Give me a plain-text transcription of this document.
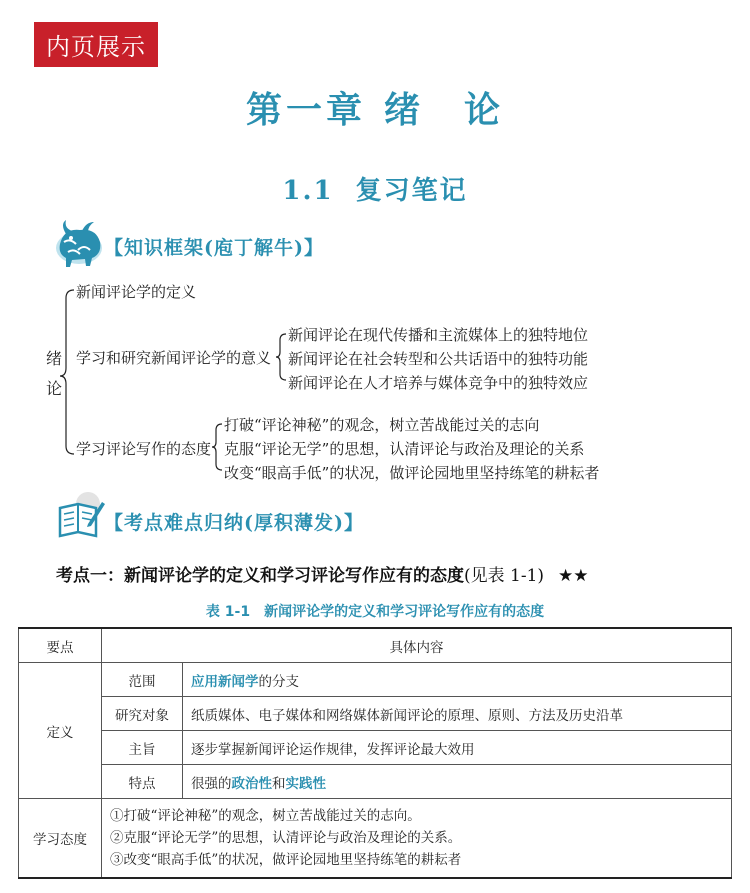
内页展示
第一章 绪　论
1.1 复习笔记
【知识框架(庖丁解牛)】
绪
论
新闻评论学的定义
学习和研究新闻评论学的意义
新闻评论在现代传播和主流媒体上的独特地位
新闻评论在社会转型和公共话语中的独特功能
新闻评论在人才培养与媒体竞争中的独特效应
学习评论写作的态度
打破“评论神秘”的观念，树立苦战能过关的志向
克服“评论无学”的思想，认清评论与政治及理论的关系
改变“眼高手低”的状况，做评论园地里坚持练笔的耕耘者
【考点难点归纳(厚积薄发)】
考点一：新闻评论学的定义和学习评论写作应有的态度(见表 1-1) ★★
表 1-1 新闻评论学的定义和学习评论写作应有的态度
要点	具体内容	
定义	范围	应用新闻学的分支
	研究对象	纸质媒体、电子媒体和网络媒体新闻评论的原理、原则、方法及历史沿革
	主旨	逐步掌握新闻评论运作规律，发挥评论最大效用
	特点	很强的政治性和实践性
学习态度	①打破“评论神秘”的观念，树立苦战能过关的志向。
②克服“评论无学”的思想，认清评论与政治及理论的关系。
③改变“眼高手低”的状况，做评论园地里坚持练笔的耕耘者	
